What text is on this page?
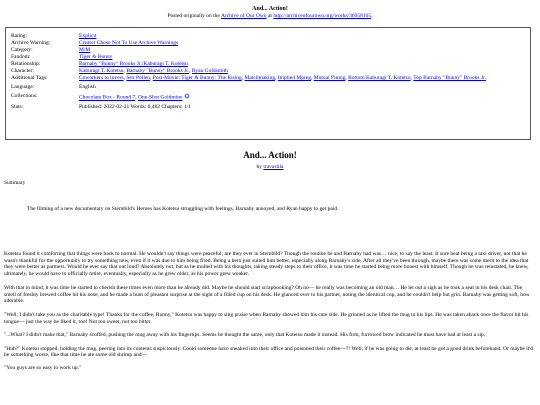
And... Action!
Posted originally on the Archive of Our Own at http://archiveofourown.org/works/36958105.
Rating:	Explicit
Archive Warning:	Creator Chose Not To Use Archive Warnings
Category:	M/M
Fandom:	Tiger & Bunny
Relationship:	Barnaby "Bunny" Brooks Jr./Kaburagi T. Kotetsu
Character:	Kaburagi T. Kotetsu, Barnaby "Bunny" Brooks Jr., Ryan Goldsmith
Additional Tags:	Coworkers to lovers, Sex Pollen, Post-Movie: Tiger & Bunny: The Rising, Matchmaking, Implied Mpreg, Mutual Pining, Bottom Kaburagi T. Kotetsu, Top Barnaby "Bunny" Brooks Jr.
Language:	English
Collections:	Chocolate Box - Round 7, One-Shot Goldmine
Stats:	Published: 2022-02-21 Words: 6,482 Chapters: 1/1
And... Action!
by travastila
Summary
The filming of a new documentary on Sternbild's Heroes has Kotetsu struggling with feelings, Barnaby annoyed, and Ryan happy to get paid.

Kotetsu found it comforting that things were back to normal. He wouldn't say things were peaceful; are they ever in Sternbild? Though the routine he and Barnaby had was… nice, to say the least. It sure beat being a taxi driver, not that he wasn't thankful for the opportunity to try something new, even if it was due to him being fired. Being a hero just suited him better, especially along Barnaby's side. After all they've been through, maybe there was some merit to the idea that they were better as partners. Would he ever say that out loud? Absolutely not, but as he mulled with his thoughts, taking steady steps to their office, it was time he started being more honest with himself. Though he was reinstated, he knew, ultimately, he would have to officially retire, eventually, especially as he grew older, as his power grew weaker.

With that in mind, it was time he started to cherish these times even more than he already did. Maybe he should start scrapbooking? Oh no— he really was becoming an old man… He let out a sigh as he took a seat in his desk chair. The smell of freshly brewed coffee hit his nose, and he made a hum of pleasant surprise at the sight of a filled cup on his desk. He glanced over to his partner, noting the identical cup, and he couldn't help but grin. Barnaby was getting soft, how adorable.

"Well, I didn't take you as the charitable type! Thanks for the coffee, Bunny," Kotetsu was happy to sing praise when Barnaby showed him his cute side. He grinned as he lifted the mug to his lips. He was taken aback once the flavor hit his tongue— just the way he liked it, too! Not too sweet, not too bitter.

"...What? I didn't make that," Barnaby scoffed, pushing the mug away with his fingertips. Seems he thought the same, only that Kotetsu made it instead. His firm, furrowed brow indicated he must have had at least a sip.

"Huh?" Kotetsu stopped, holding the mug, peering into its contents suspiciously. Could someone have sneaked into their office and poisoned their coffee—?! Well, if he was going to die, at least he got a good drink beforehand. Or maybe it'd be something worse, like that time he ate some old shrimp and—

"You guys are so easy to work up."
